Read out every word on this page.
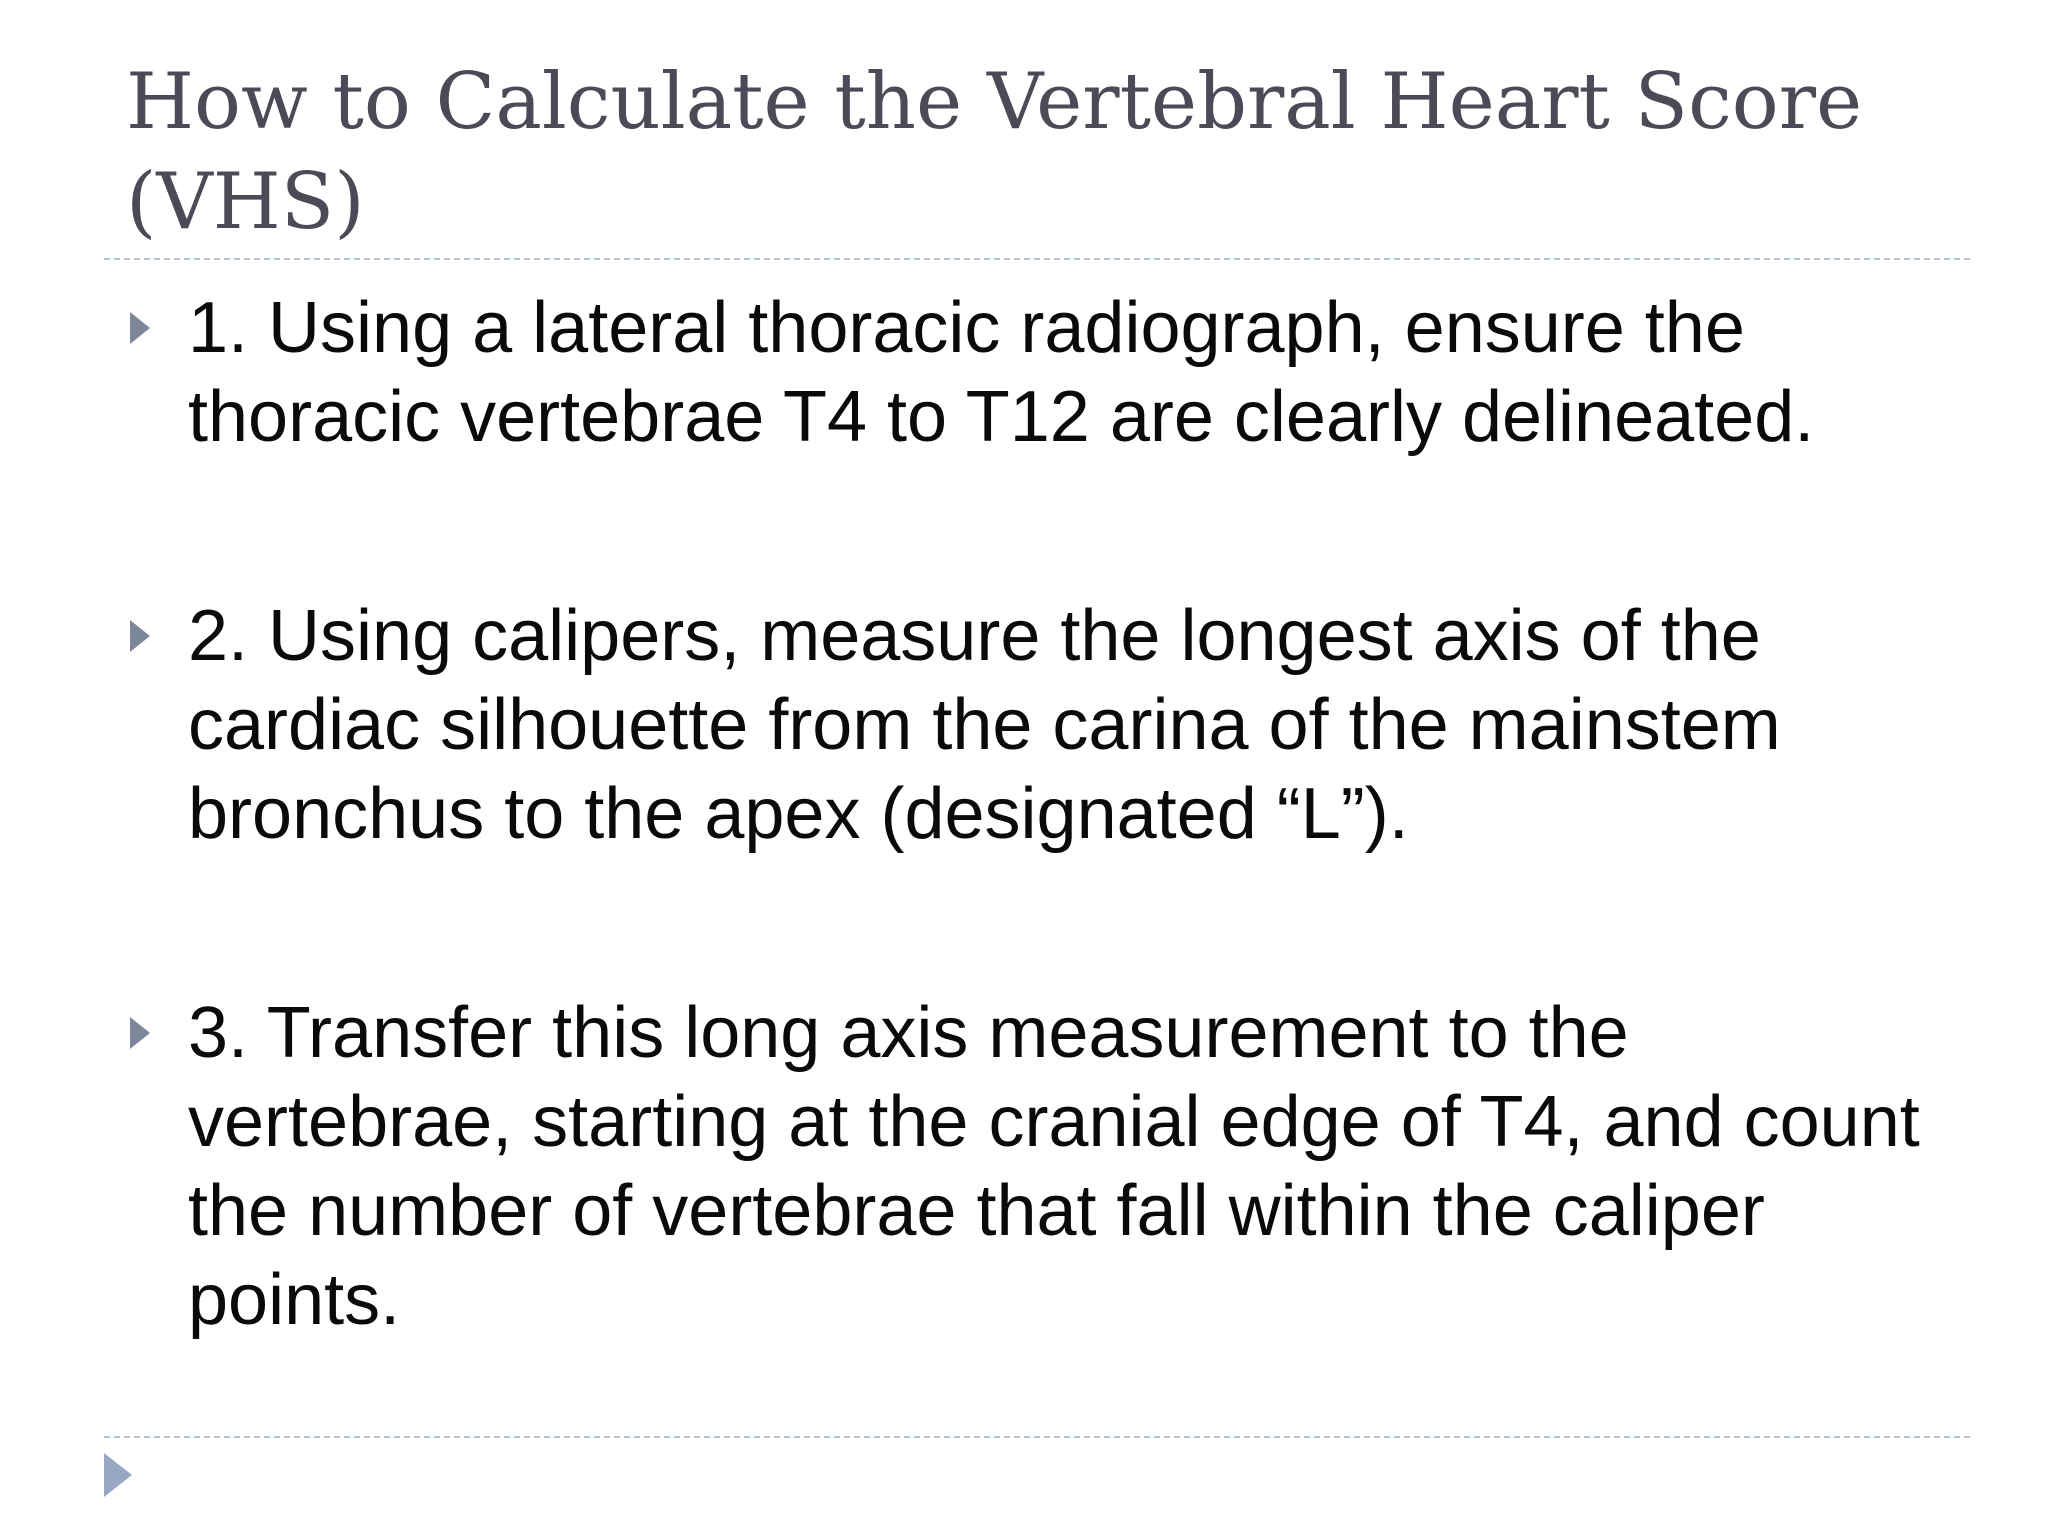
How to Calculate the Vertebral Heart Score (VHS)
1. Using a lateral thoracic radiograph, ensure the thoracic vertebrae T4 to T12 are clearly delineated.
2. Using calipers, measure the longest axis of the cardiac silhouette from the carina of the mainstem bronchus to the apex (designated “L”).
3. Transfer this long axis measurement to the vertebrae, starting at the cranial edge of T4, and count the number of vertebrae that fall within the caliper points.
